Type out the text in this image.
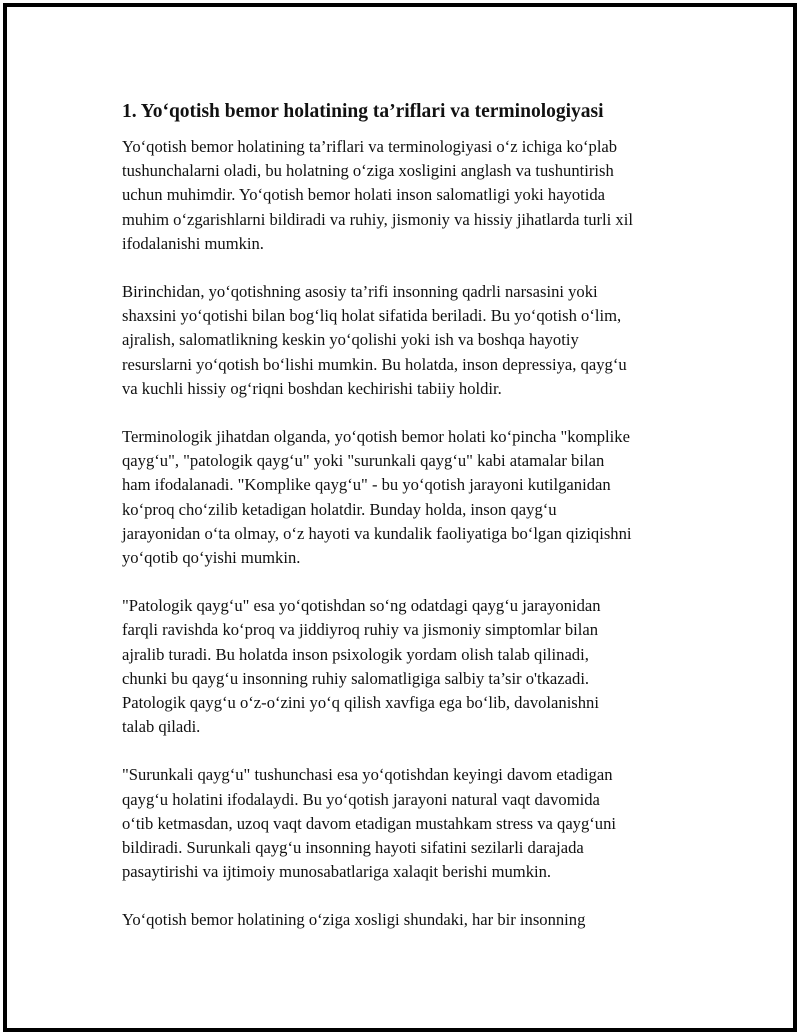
1. Yo‘qotish bemor holatining ta’riflari va terminologiyasi
Yo‘qotish bemor holatining ta’riflari va terminologiyasi o‘z ichiga ko‘plab
tushunchalarni oladi, bu holatning o‘ziga xosligini anglash va tushuntirish
uchun muhimdir. Yo‘qotish bemor holati inson salomatligi yoki hayotida
muhim o‘zgarishlarni bildiradi va ruhiy, jismoniy va hissiy jihatlarda turli xil
ifodalanishi mumkin.
Birinchidan, yo‘qotishning asosiy ta’rifi insonning qadrli narsasini yoki
shaxsini yo‘qotishi bilan bog‘liq holat sifatida beriladi. Bu yo‘qotish o‘lim,
ajralish, salomatlikning keskin yo‘qolishi yoki ish va boshqa hayotiy
resurslarni yo‘qotish bo‘lishi mumkin. Bu holatda, inson depressiya, qayg‘u
va kuchli hissiy og‘riqni boshdan kechirishi tabiiy holdir.
Terminologik jihatdan olganda, yo‘qotish bemor holati ko‘pincha "komplike
qayg‘u", "patologik qayg‘u" yoki "surunkali qayg‘u" kabi atamalar bilan
ham ifodalanadi. "Komplike qayg‘u" - bu yo‘qotish jarayoni kutilganidan
ko‘proq cho‘zilib ketadigan holatdir. Bunday holda, inson qayg‘u
jarayonidan o‘ta olmay, o‘z hayoti va kundalik faoliyatiga bo‘lgan qiziqishni
yo‘qotib qo‘yishi mumkin.
"Patologik qayg‘u" esa yo‘qotishdan so‘ng odatdagi qayg‘u jarayonidan
farqli ravishda ko‘proq va jiddiyroq ruhiy va jismoniy simptomlar bilan
ajralib turadi. Bu holatda inson psixologik yordam olish talab qilinadi,
chunki bu qayg‘u insonning ruhiy salomatligiga salbiy ta’sir o'tkazadi.
Patologik qayg‘u o‘z-o‘zini yo‘q qilish xavfiga ega bo‘lib, davolanishni
talab qiladi.
"Surunkali qayg‘u" tushunchasi esa yo‘qotishdan keyingi davom etadigan
qayg‘u holatini ifodalaydi. Bu yo‘qotish jarayoni natural vaqt davomida
o‘tib ketmasdan, uzoq vaqt davom etadigan mustahkam stress va qayg‘uni
bildiradi. Surunkali qayg‘u insonning hayoti sifatini sezilarli darajada
pasaytirishi va ijtimoiy munosabatlariga xalaqit berishi mumkin.
Yo‘qotish bemor holatining o‘ziga xosligi shundaki, har bir insonning
